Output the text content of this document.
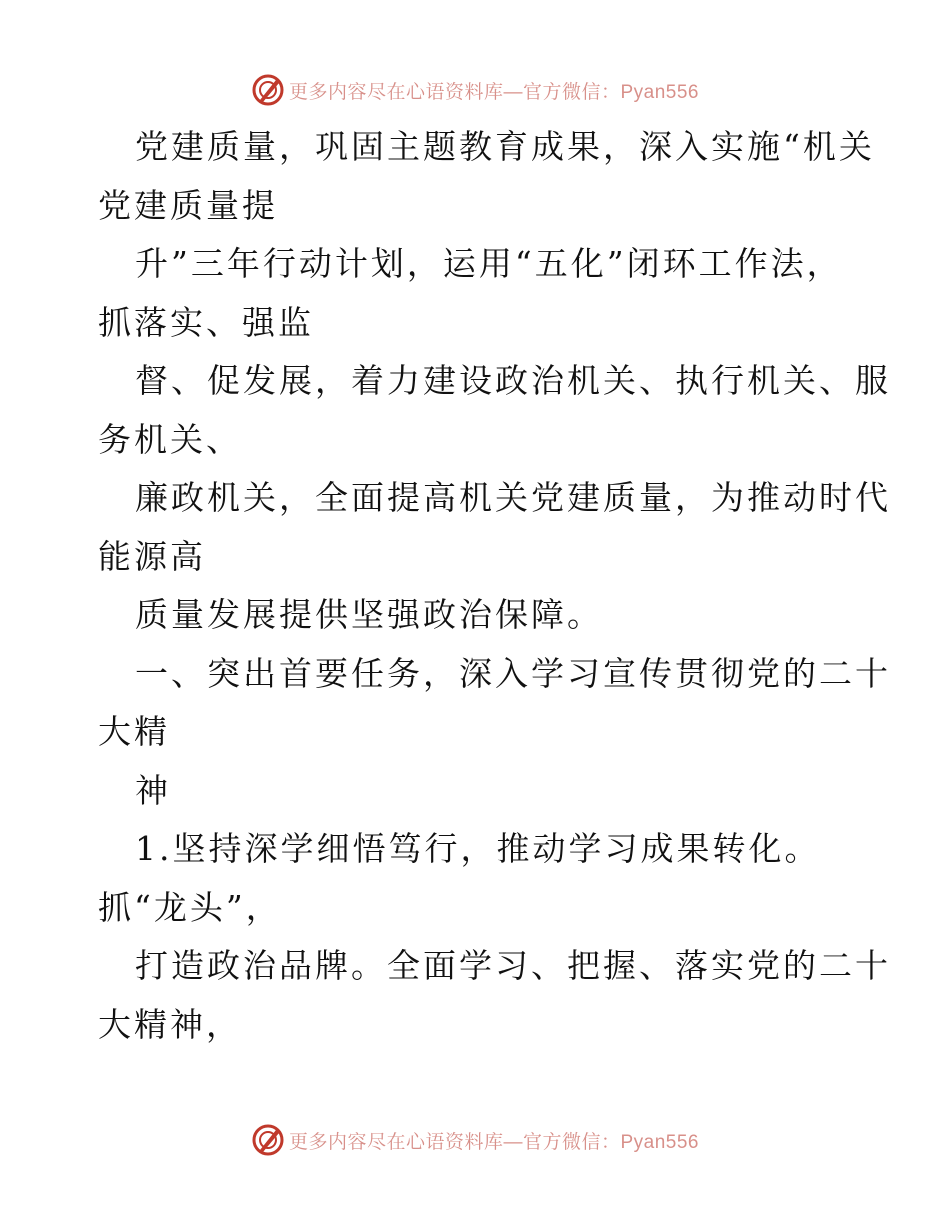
更多内容尽在心语资料库—官方微信：Pyan556
党建质量，巩固主题教育成果，深入实施“机关
党建质量提
升”三年行动计划，运用“五化”闭环工作法，
抓落实、强监
督、促发展，着力建设政治机关、执行机关、服
务机关、
廉政机关，全面提高机关党建质量，为推动时代
能源高
质量发展提供坚强政治保障。
一、突出首要任务，深入学习宣传贯彻党的二十
大精
神
1.坚持深学细悟笃行，推动学习成果转化。
抓“龙头”，
打造政治品牌。全面学习、把握、落实党的二十
大精神，
更多内容尽在心语资料库—官方微信：Pyan556
